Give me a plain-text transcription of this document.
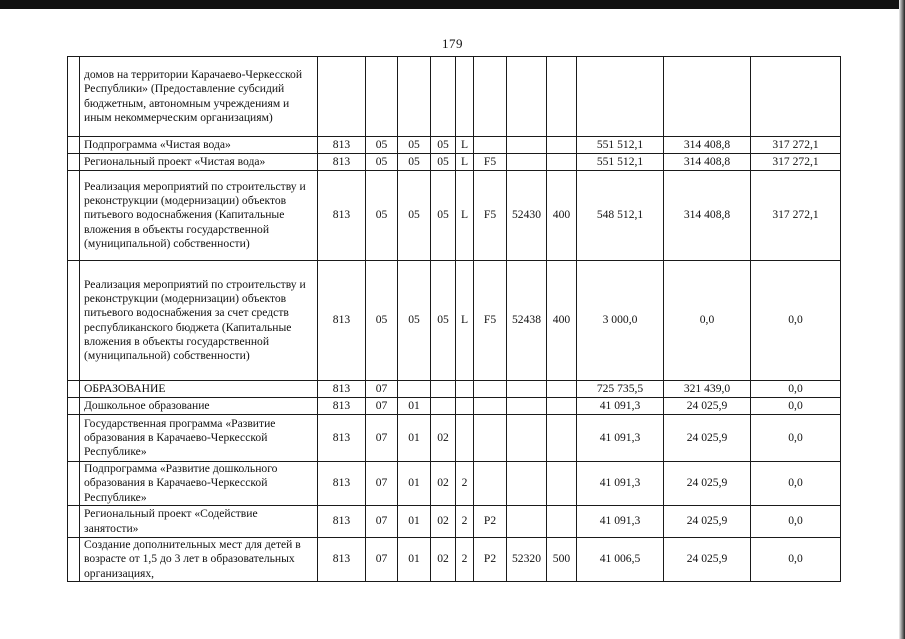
179
	домов на территории Карачаево-Черкесской Республики» (Предоставление субсидий бюджетным, автономным учреждениям и иным некоммерческим организациям)											
	Подпрограмма «Чистая вода»	813	05	05	05	L				551 512,1	314 408,8	317 272,1
	Региональный проект «Чистая вода»	813	05	05	05	L	F5			551 512,1	314 408,8	317 272,1
	Реализация мероприятий по строительству и реконструкции (модернизации) объектов питьевого водоснабжения (Капитальные вложения в объекты государственной (муниципальной) собственности)	813	05	05	05	L	F5	52430	400	548 512,1	314 408,8	317 272,1
	Реализация мероприятий по строительству и реконструкции (модернизации) объектов питьевого водоснабжения за счет средств республиканского бюджета (Капитальные вложения в объекты государственной (муниципальной) собственности)	813	05	05	05	L	F5	52438	400	3 000,0	0,0	0,0
	ОБРАЗОВАНИЕ	813	07							725 735,5	321 439,0	0,0
	Дошкольное образование	813	07	01						41 091,3	24 025,9	0,0
	Государственная программа «Развитие образования в Карачаево-Черкесской Республике»	813	07	01	02					41 091,3	24 025,9	0,0
	Подпрограмма «Развитие дошкольного образования в Карачаево-Черкесской Республике»	813	07	01	02	2				41 091,3	24 025,9	0,0
	Региональный проект «Содействие занятости»	813	07	01	02	2	P2			41 091,3	24 025,9	0,0
	Создание дополнительных мест для детей в возрасте от 1,5 до 3 лет в образовательных организациях,	813	07	01	02	2	P2	52320	500	41 006,5	24 025,9	0,0
